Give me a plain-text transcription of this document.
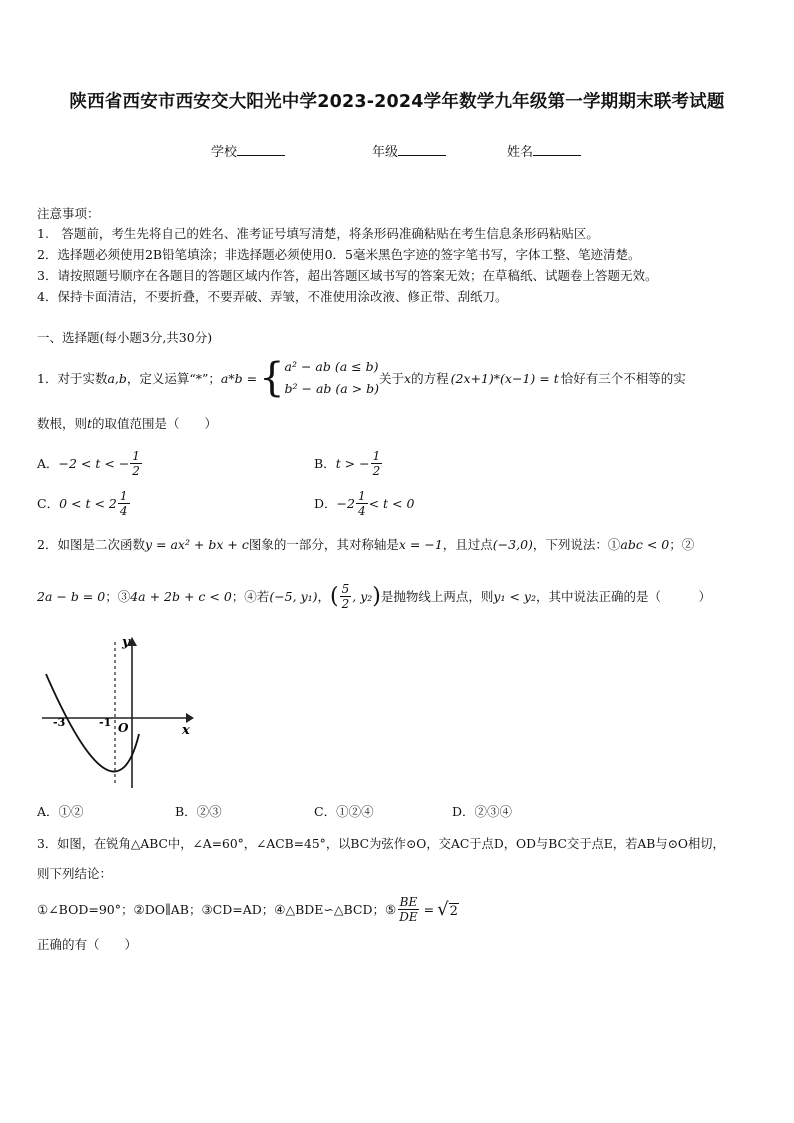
陕西省西安市西安交大阳光中学2023-2024学年数学九年级第一学期期末联考试题
学校	年级	姓名
注意事项：
1.　答题前，考生先将自己的姓名、准考证号填写清楚，将条形码准确粘贴在考生信息条形码粘贴区。
2．选择题必须使用2B铅笔填涂；非选择题必须使用0．5毫米黑色字迹的签字笔书写，字体工整、笔迹清楚。
3．请按照题号顺序在各题目的答题区域内作答，超出答题区域书写的答案无效；在草稿纸、试题卷上答题无效。
4．保持卡面清洁，不要折叠，不要弄破、弄皱，不准使用涂改液、修正带、刮纸刀。
一、选择题(每小题3分,共30分)
1．对于实数 a,b ，定义运算“*”； a*b = { a² − ab (a ≤ b)
b² − ab (a > b)
关于 x 的方程 (2x+1)*(x−1) = t 恰好有三个不相等的实
数根，则t的取值范围是（　　）
A． −2 < t < − $\frac{1}{2}$	B． t > − $\frac{1}{2}$
C． $0 < t < 2 \frac{1}{4}$	D． $-2 \frac{1}{4} < t < 0$
2．如图是二次函数y = ax² + bx + c图象的一部分，其对称轴是x = −1，且过点(−3,0)，下列说法：①abc < 0；②
2a − b = 0 ；③ 4a + 2b + c < 0 ；④若 (−5, y₁) ， ( $\frac{5}{2}$ , y₂ ) 是抛物线上两点，则 y₁ < y₂ ，其中说法正确的是（　　　）
x
y
O
-3	-1
A．①②	B．②③	C．①②④	D．②③④
3．如图，在锐角△ABC中，∠A=60°，∠ACB=45°，以BC为弦作⊙O，交AC于点D，OD与BC交于点E，若AB与⊙O相切，
则下列结论：
①∠BOD=90°；②DO∥AB；③CD=AD；④△BDE∽△BCD；⑤ $\frac{BE}{DE}$ = √ 2
正确的有（　　）
